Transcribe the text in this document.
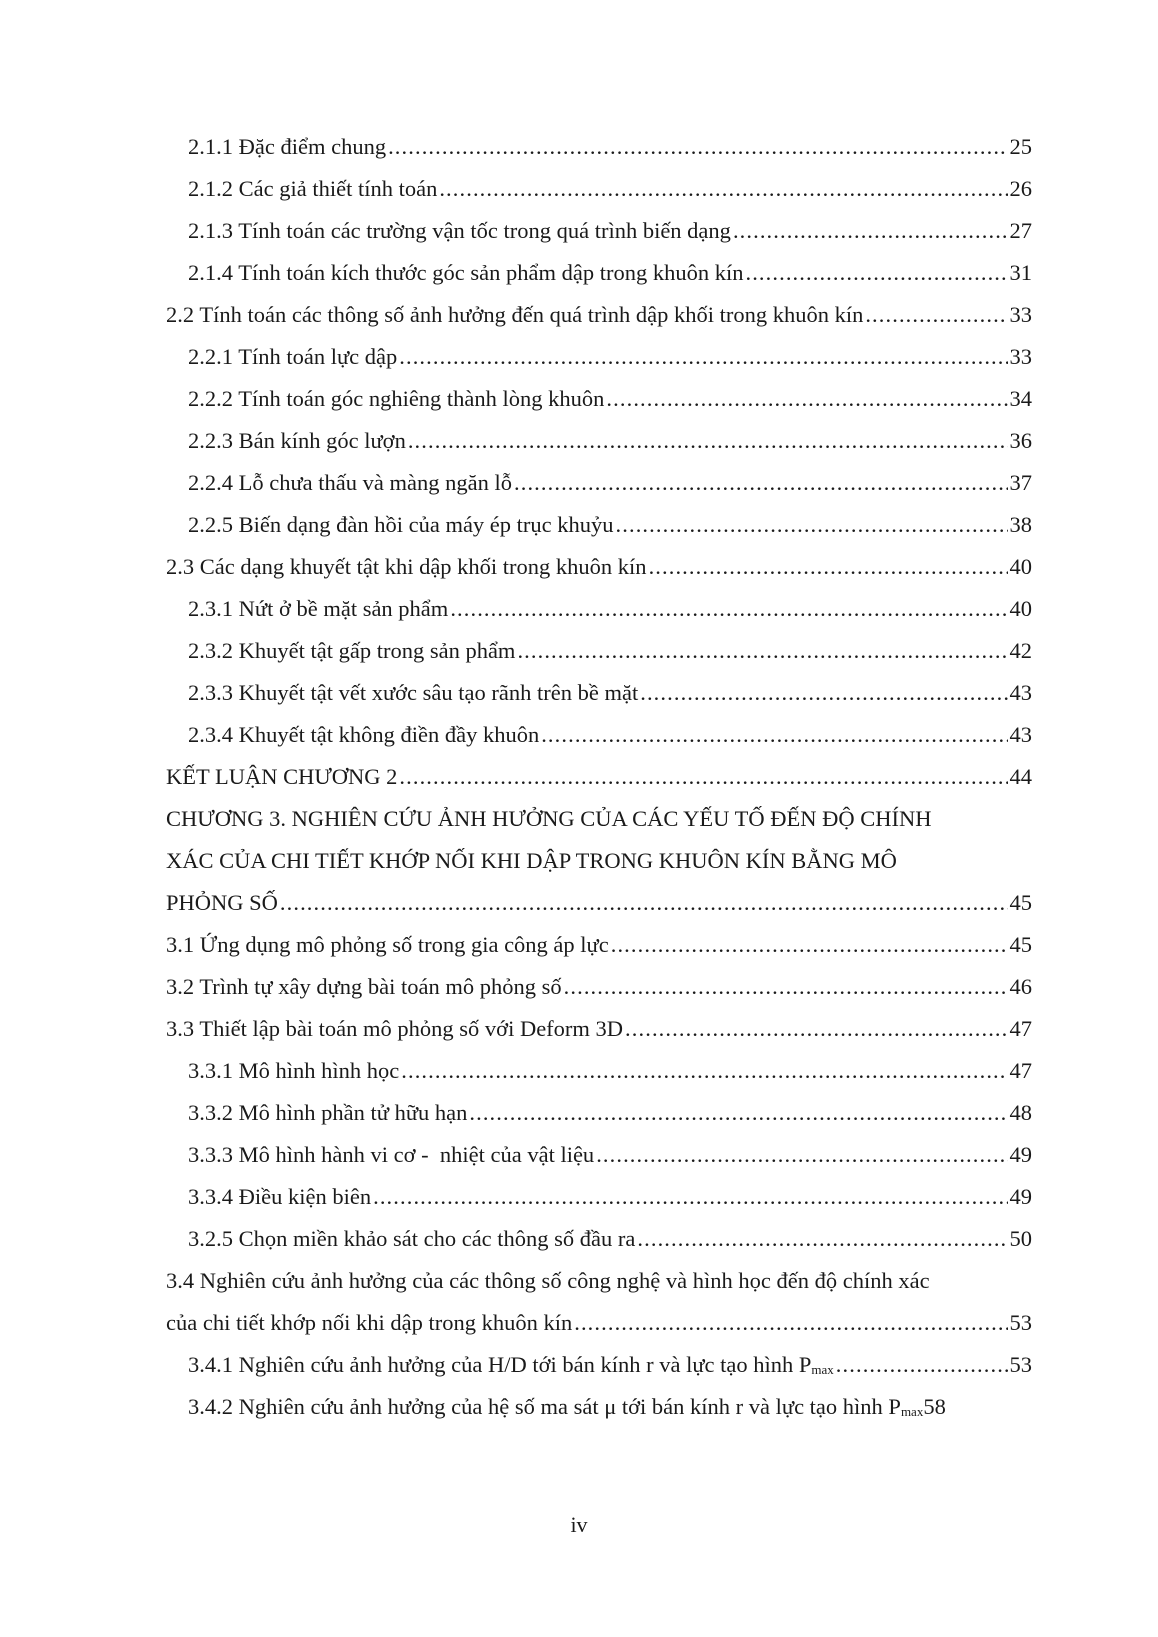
2.1.1 Đặc điểm chung .....	25
2.1.2 Các giả thiết tính toán .....	26
2.1.3 Tính toán các trường vận tốc trong quá trình biến dạng .....	27
2.1.4 Tính toán kích thước góc sản phẩm dập trong khuôn kín .....	31
2.2 Tính toán các thông số ảnh hưởng đến quá trình dập khối trong khuôn kín .....	33
2.2.1 Tính toán lực dập .....	33
2.2.2 Tính toán góc nghiêng thành lòng khuôn .....	34
2.2.3 Bán kính góc lượn .....	36
2.2.4 Lỗ chưa thấu và màng ngăn lỗ .....	37
2.2.5 Biến dạng đàn hồi của máy ép trục khuỷu .....	38
2.3 Các dạng khuyết tật khi dập khối trong khuôn kín .....	40
2.3.1 Nứt ở bề mặt sản phẩm .....	40
2.3.2 Khuyết tật gấp trong sản phẩm .....	42
2.3.3 Khuyết tật vết xước sâu tạo rãnh trên bề mặt .....	43
2.3.4 Khuyết tật không điền đầy khuôn .....	43
KẾT LUẬN CHƯƠNG 2 .....	44
CHƯƠNG 3. NGHIÊN CỨU ẢNH HƯỞNG CỦA CÁC YẾU TỐ ĐẾN ĐỘ CHÍNH
XÁC CỦA CHI TIẾT KHỚP NỐI KHI DẬP TRONG KHUÔN KÍN BẰNG MÔ
PHỎNG SỐ .....	45
3.1 Ứng dụng mô phỏng số trong gia công áp lực .....	45
3.2 Trình tự xây dựng bài toán mô phỏng số .....	46
3.3 Thiết lập bài toán mô phỏng số với Deform 3D .....	47
3.3.1 Mô hình hình học .....	47
3.3.2 Mô hình phần tử hữu hạn .....	48
3.3.3 Mô hình hành vi cơ -  nhiệt của vật liệu .....	49
3.3.4 Điều kiện biên .....	49
3.2.5 Chọn miền khảo sát cho các thông số đầu ra .....	50
3.4 Nghiên cứu ảnh hưởng của các thông số công nghệ và hình học đến độ chính xác
của chi tiết khớp nối khi dập trong khuôn kín .....	53
3.4.1 Nghiên cứu ảnh hưởng của H/D tới bán kính r và lực tạo hình Pmax .....	53
3.4.2 Nghiên cứu ảnh hưởng của hệ số ma sát μ tới bán kính r và lực tạo hình Pmax 58
iv
